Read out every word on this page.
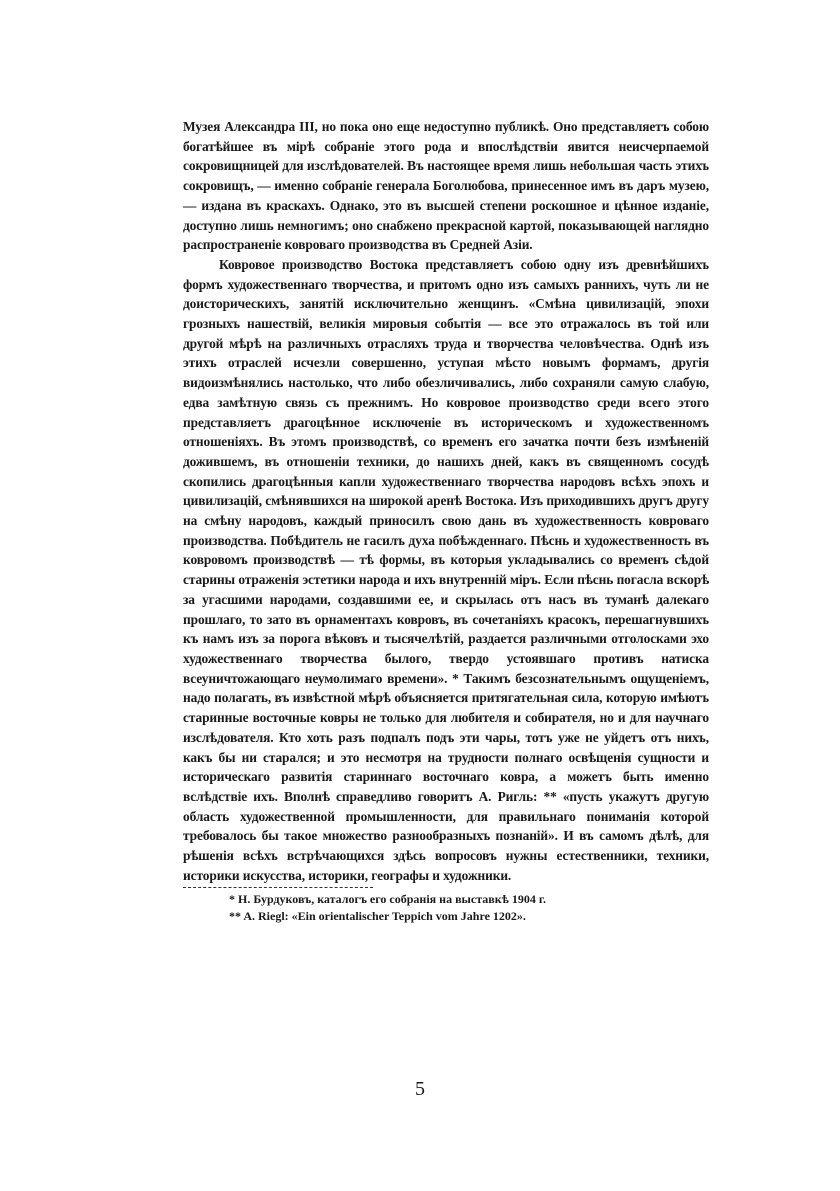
Музея Александра III, но пока оно еще недоступно публикѣ. Оно представляетъ собою богатѣйшее въ мірѣ собраніе этого рода и впослѣдствіи явится неисчерпаемой сокровищницей для изслѣдователей. Въ настоящее время лишь небольшая часть этихъ сокровищъ, — именно собраніе генерала Боголюбова, принесенное имъ въ даръ музею, — издана въ краскахъ. Однако, это въ высшей степени роскошное и цѣнное изданіе, доступно лишь немногимъ; оно снабжено прекрасной картой, показывающей наглядно распространеніе ковроваго производства въ Средней Азіи.

Ковровое производство Востока представляетъ собою одну изъ древнѣйшихъ формъ художественнаго творчества, и притомъ одно изъ самыхъ раннихъ, чуть ли не доисторическихъ, занятій исключительно женщинъ. «Смѣна цивилизацій, эпохи грозныхъ нашествій, великія мировыя событія — все это отражалось въ той или другой мѣрѣ на различныхъ отрасляхъ труда и творчества человѣчества. Однѣ изъ этихъ отраслей исчезли совершенно, уступая мѣсто новымъ формамъ, другія видоизмѣнялись настолько, что либо обезличивались, либо сохраняли самую слабую, едва замѣтную связь съ прежнимъ. Но ковровое производство среди всего этого представляетъ драгоцѣнное исключеніе въ историческомъ и художественномъ отношеніяхъ. Въ этомъ производствѣ, со временъ его зачатка почти безъ измѣненій дожившемъ, въ отношеніи техники, до нашихъ дней, какъ въ священномъ сосудѣ скопились драгоцѣнныя капли художественнаго творчества народовъ всѣхъ эпохъ и цивилизацій, смѣнявшихся на широкой аренѣ Востока. Изъ приходившихъ другъ другу на смѣну народовъ, каждый приносилъ свою дань въ художественность ковроваго производства. Побѣдитель не гасилъ духа побѣжденнаго. Пѣснь и художественность въ ковровомъ производствѣ — тѣ формы, въ которыя укладывались со временъ сѣдой старины отраженія эстетики народа и ихъ внутренній міръ. Если пѣснь погасла вскорѣ за угасшими народами, создавшими ее, и скрылась отъ насъ въ туманѣ далекаго прошлаго, то зато въ орнаментахъ ковровъ, въ сочетаніяхъ красокъ, перешагнувшихъ къ намъ изъ за порога вѣковъ и тысячелѣтій, раздается различными отголосками эхо художественнаго творчества былого, твердо устоявшаго противъ натиска всеуничтожающаго неумолимаго времени». * Такимъ безсознательнымъ ощущеніемъ, надо полагать, въ извѣстной мѣрѣ объясняется притягательная сила, которую имѣютъ старинные восточные ковры не только для любителя и собирателя, но и для научнаго изслѣдователя. Кто хоть разъ подпалъ подъ эти чары, тотъ уже не уйдетъ отъ нихъ, какъ бы ни старался; и это несмотря на трудности полнаго освѣщенія сущности и историческаго развитія стариннаго восточнаго ковра, а можетъ быть именно вслѣдствіе ихъ. Вполнѣ справедливо говоритъ А. Ригль: ** «пусть укажутъ другую область художественной промышленности, для правильнаго пониманія которой требовалось бы такое множество разнообразныхъ познаній». И въ самомъ дѣлѣ, для рѣшенія всѣхъ встрѣчающихся здѣсь вопросовъ нужны естественники, техники, историки искусства, историки, географы и художники.

* Н. Бурдуковъ, каталогъ его собранія на выставкѣ 1904 г.
** A. Riegl: «Ein orientalischer Teppich vom Jahre 1202».
5
